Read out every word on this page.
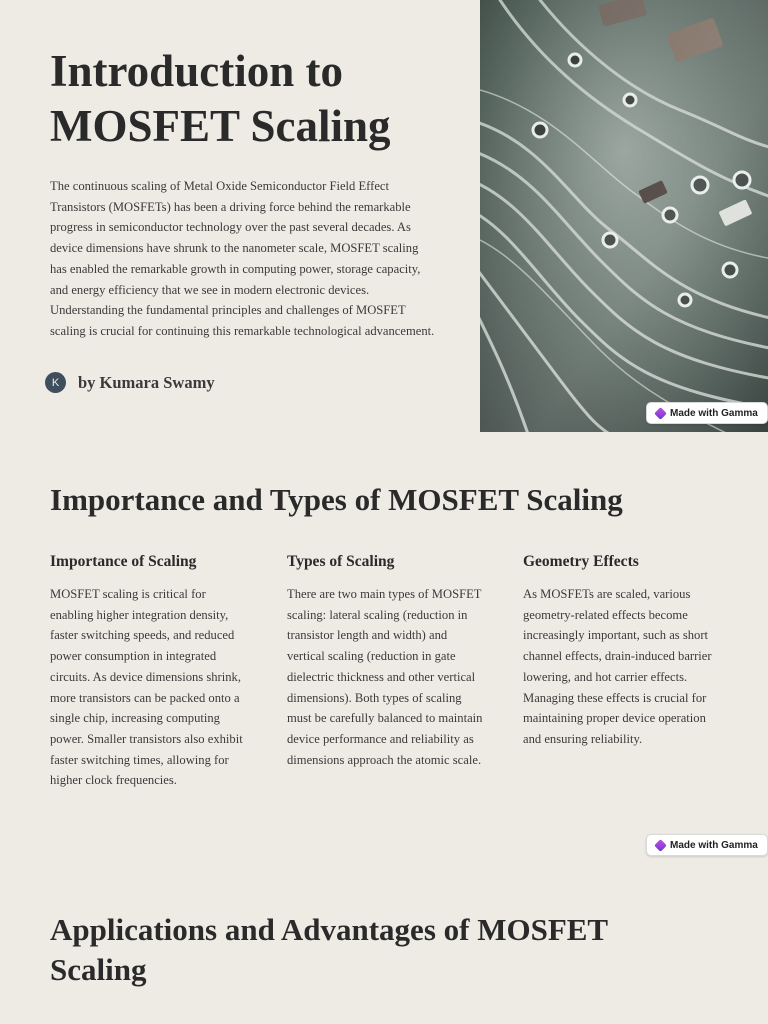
Introduction to MOSFET Scaling

The continuous scaling of Metal Oxide Semiconductor Field Effect Transistors (MOSFETs) has been a driving force behind the remarkable progress in semiconductor technology over the past several decades. As device dimensions have shrunk to the nanometer scale, MOSFET scaling has enabled the remarkable growth in computing power, storage capacity, and energy efficiency that we see in modern electronic devices. Understanding the fundamental principles and challenges of MOSFET scaling is crucial for continuing this remarkable technological advancement.

K	by Kumara Swamy
Made with Gamma
Importance and Types of MOSFET Scaling
Importance of Scaling

MOSFET scaling is critical for enabling higher integration density, faster switching speeds, and reduced power consumption in integrated circuits. As device dimensions shrink, more transistors can be packed onto a single chip, increasing computing power. Smaller transistors also exhibit faster switching times, allowing for higher clock frequencies.

Types of Scaling

There are two main types of MOSFET scaling: lateral scaling (reduction in transistor length and width) and vertical scaling (reduction in gate dielectric thickness and other vertical dimensions). Both types of scaling must be carefully balanced to maintain device performance and reliability as dimensions approach the atomic scale.

Geometry Effects

As MOSFETs are scaled, various geometry-related effects become increasingly important, such as short channel effects, drain-induced barrier lowering, and hot carrier effects. Managing these effects is crucial for maintaining proper device operation and ensuring reliability.

Made with Gamma
Applications and Advantages of MOSFET Scaling
